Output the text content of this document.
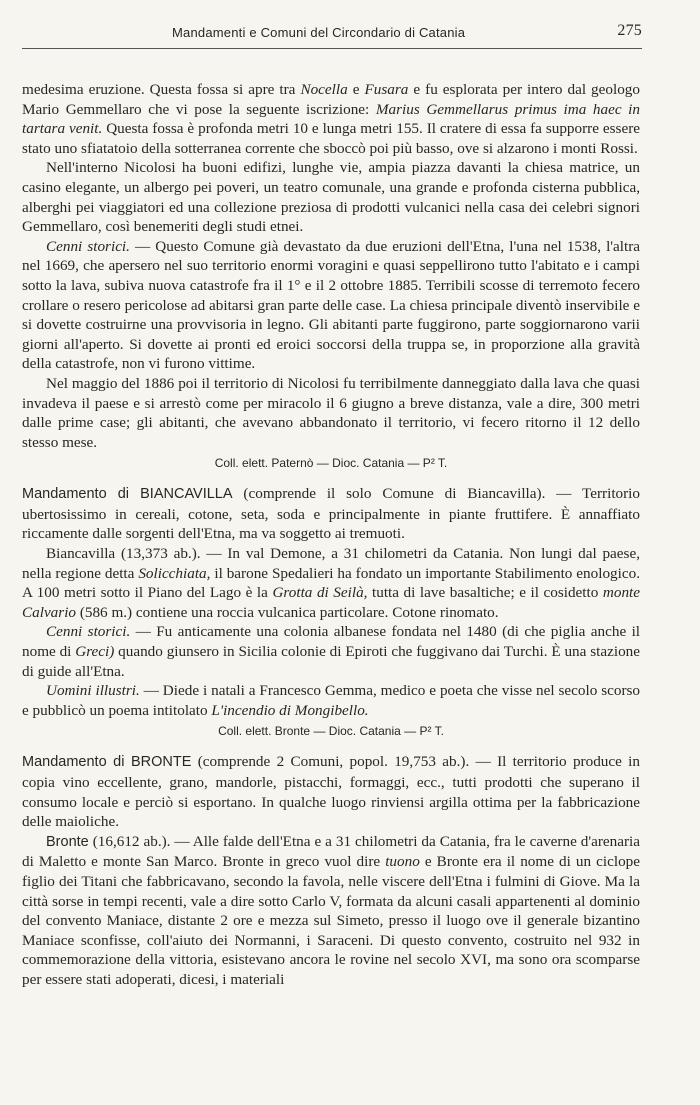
Mandamenti e Comuni del Circondario di Catania	275

medesima eruzione. Questa fossa si apre tra Nocella e Fusara e fu esplorata per intero dal geologo Mario Gemmellaro che vi pose la seguente iscrizione: Marius Gemmellarus primus ima haec in tartara venit. Questa fossa è profonda metri 10 e lunga metri 155. Il cratere di essa fa supporre essere stato uno sfiatatoio della sotterranea corrente che sboccò poi più basso, ove si alzarono i monti Rossi.

Nell'interno Nicolosi ha buoni edifizi, lunghe vie, ampia piazza davanti la chiesa matrice, un casino elegante, un albergo pei poveri, un teatro comunale, una grande e profonda cisterna pubblica, alberghi pei viaggiatori ed una collezione preziosa di prodotti vulcanici nella casa dei celebri signori Gemmellaro, così benemeriti degli studi etnei.

Cenni storici. — Questo Comune già devastato da due eruzioni dell'Etna, l'una nel 1538, l'altra nel 1669, che apersero nel suo territorio enormi voragini e quasi seppellirono tutto l'abitato e i campi sotto la lava, subiva nuova catastrofe fra il 1° e il 2 ottobre 1885. Terribili scosse di terremoto fecero crollare o resero pericolose ad abitarsi gran parte delle case. La chiesa principale diventò inservibile e si dovette costruirne una provvisoria in legno. Gli abitanti parte fuggirono, parte soggiornarono varii giorni all'aperto. Si dovette ai pronti ed eroici soccorsi della truppa se, in proporzione alla gravità della catastrofe, non vi furono vittime.

Nel maggio del 1886 poi il territorio di Nicolosi fu terribilmente danneggiato dalla lava che quasi invadeva il paese e si arrestò come per miracolo il 6 giugno a breve distanza, vale a dire, 300 metri dalle prime case; gli abitanti, che avevano abbandonato il territorio, vi fecero ritorno il 12 dello stesso mese.

Coll. elett. Paternò — Dioc. Catania — P² T.

Mandamento di BIANCAVILLA (comprende il solo Comune di Biancavilla). — Territorio ubertosissimo in cereali, cotone, seta, soda e principalmente in piante fruttifere. È annaffiato riccamente dalle sorgenti dell'Etna, ma va soggetto ai tremuoti.

Biancavilla (13,373 ab.). — In val Demone, a 31 chilometri da Catania. Non lungi dal paese, nella regione detta Solicchiata, il barone Spedalieri ha fondato un importante Stabilimento enologico. A 100 metri sotto il Piano del Lago è la Grotta di Seilà, tutta di lave basaltiche; e il cosidetto monte Calvario (586 m.) contiene una roccia vulcanica particolare. Cotone rinomato.

Cenni storici. — Fu anticamente una colonia albanese fondata nel 1480 (di che piglia anche il nome di Greci) quando giunsero in Sicilia colonie di Epiroti che fuggivano dai Turchi. È una stazione di guide all'Etna.

Uomini illustri. — Diede i natali a Francesco Gemma, medico e poeta che visse nel secolo scorso e pubblicò un poema intitolato L'incendio di Mongibello.

Coll. elett. Bronte — Dioc. Catania — P² T.

Mandamento di BRONTE (comprende 2 Comuni, popol. 19,753 ab.). — Il territorio produce in copia vino eccellente, grano, mandorle, pistacchi, formaggi, ecc., tutti prodotti che superano il consumo locale e perciò si esportano. In qualche luogo rinviensi argilla ottima per la fabbricazione delle maioliche.

Bronte (16,612 ab.). — Alle falde dell'Etna e a 31 chilometri da Catania, fra le caverne d'arenaria di Maletto e monte San Marco. Bronte in greco vuol dire tuono e Bronte era il nome di un ciclope figlio dei Titani che fabbricavano, secondo la favola, nelle viscere dell'Etna i fulmini di Giove. Ma la città sorse in tempi recenti, vale a dire sotto Carlo V, formata da alcuni casali appartenenti al dominio del convento Maniace, distante 2 ore e mezza sul Simeto, presso il luogo ove il generale bizantino Maniace sconfisse, coll'aiuto dei Normanni, i Saraceni. Di questo convento, costruito nel 932 in commemorazione della vittoria, esistevano ancora le rovine nel secolo XVI, ma sono ora scomparse per essere stati adoperati, dicesi, i materiali
